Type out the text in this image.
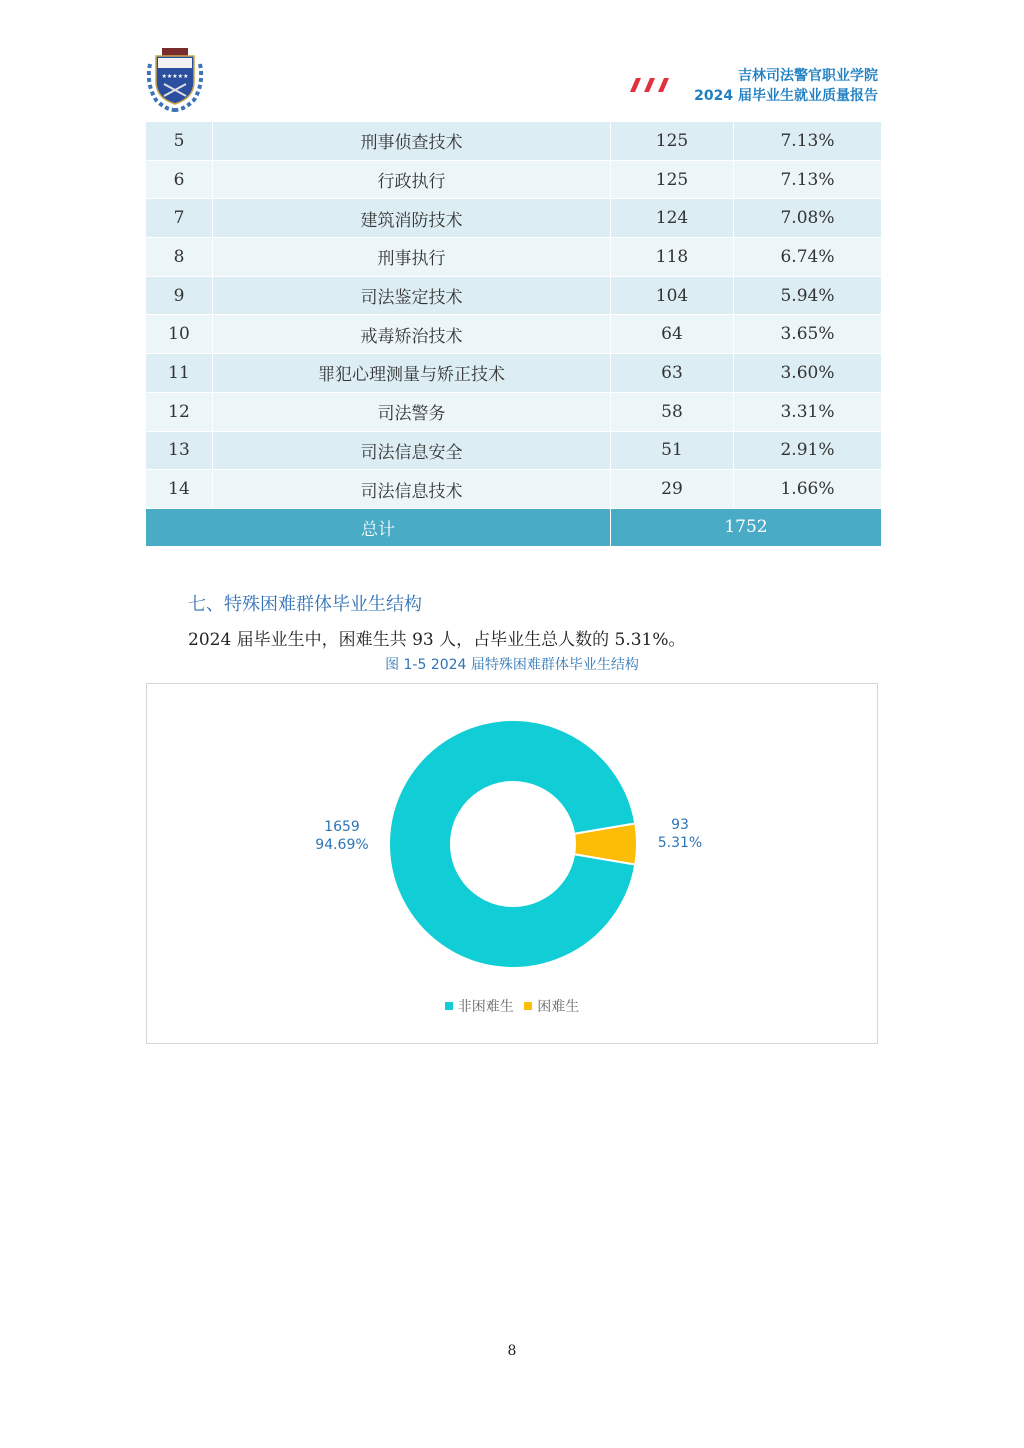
★★★★★	吉林司法警官职业学院
2024 届毕业生就业质量报告
5	刑事侦查技术	125	7.13%
6	行政执行	125	7.13%
7	建筑消防技术	124	7.08%
8	刑事执行	118	6.74%
9	司法鉴定技术	104	5.94%
10	戒毒矫治技术	64	3.65%
11	罪犯心理测量与矫正技术	63	3.60%
12	司法警务	58	3.31%
13	司法信息安全	51	2.91%
14	司法信息技术	29	1.66%
总计		1752	
七、特殊困难群体毕业生结构
2024 届毕业生中，困难生共 93 人，占毕业生总人数的 5.31%。
图 1-5 2024 届特殊困难群体毕业生结构
1659
94.69%
93
5.31%
非困难生 困难生
8
